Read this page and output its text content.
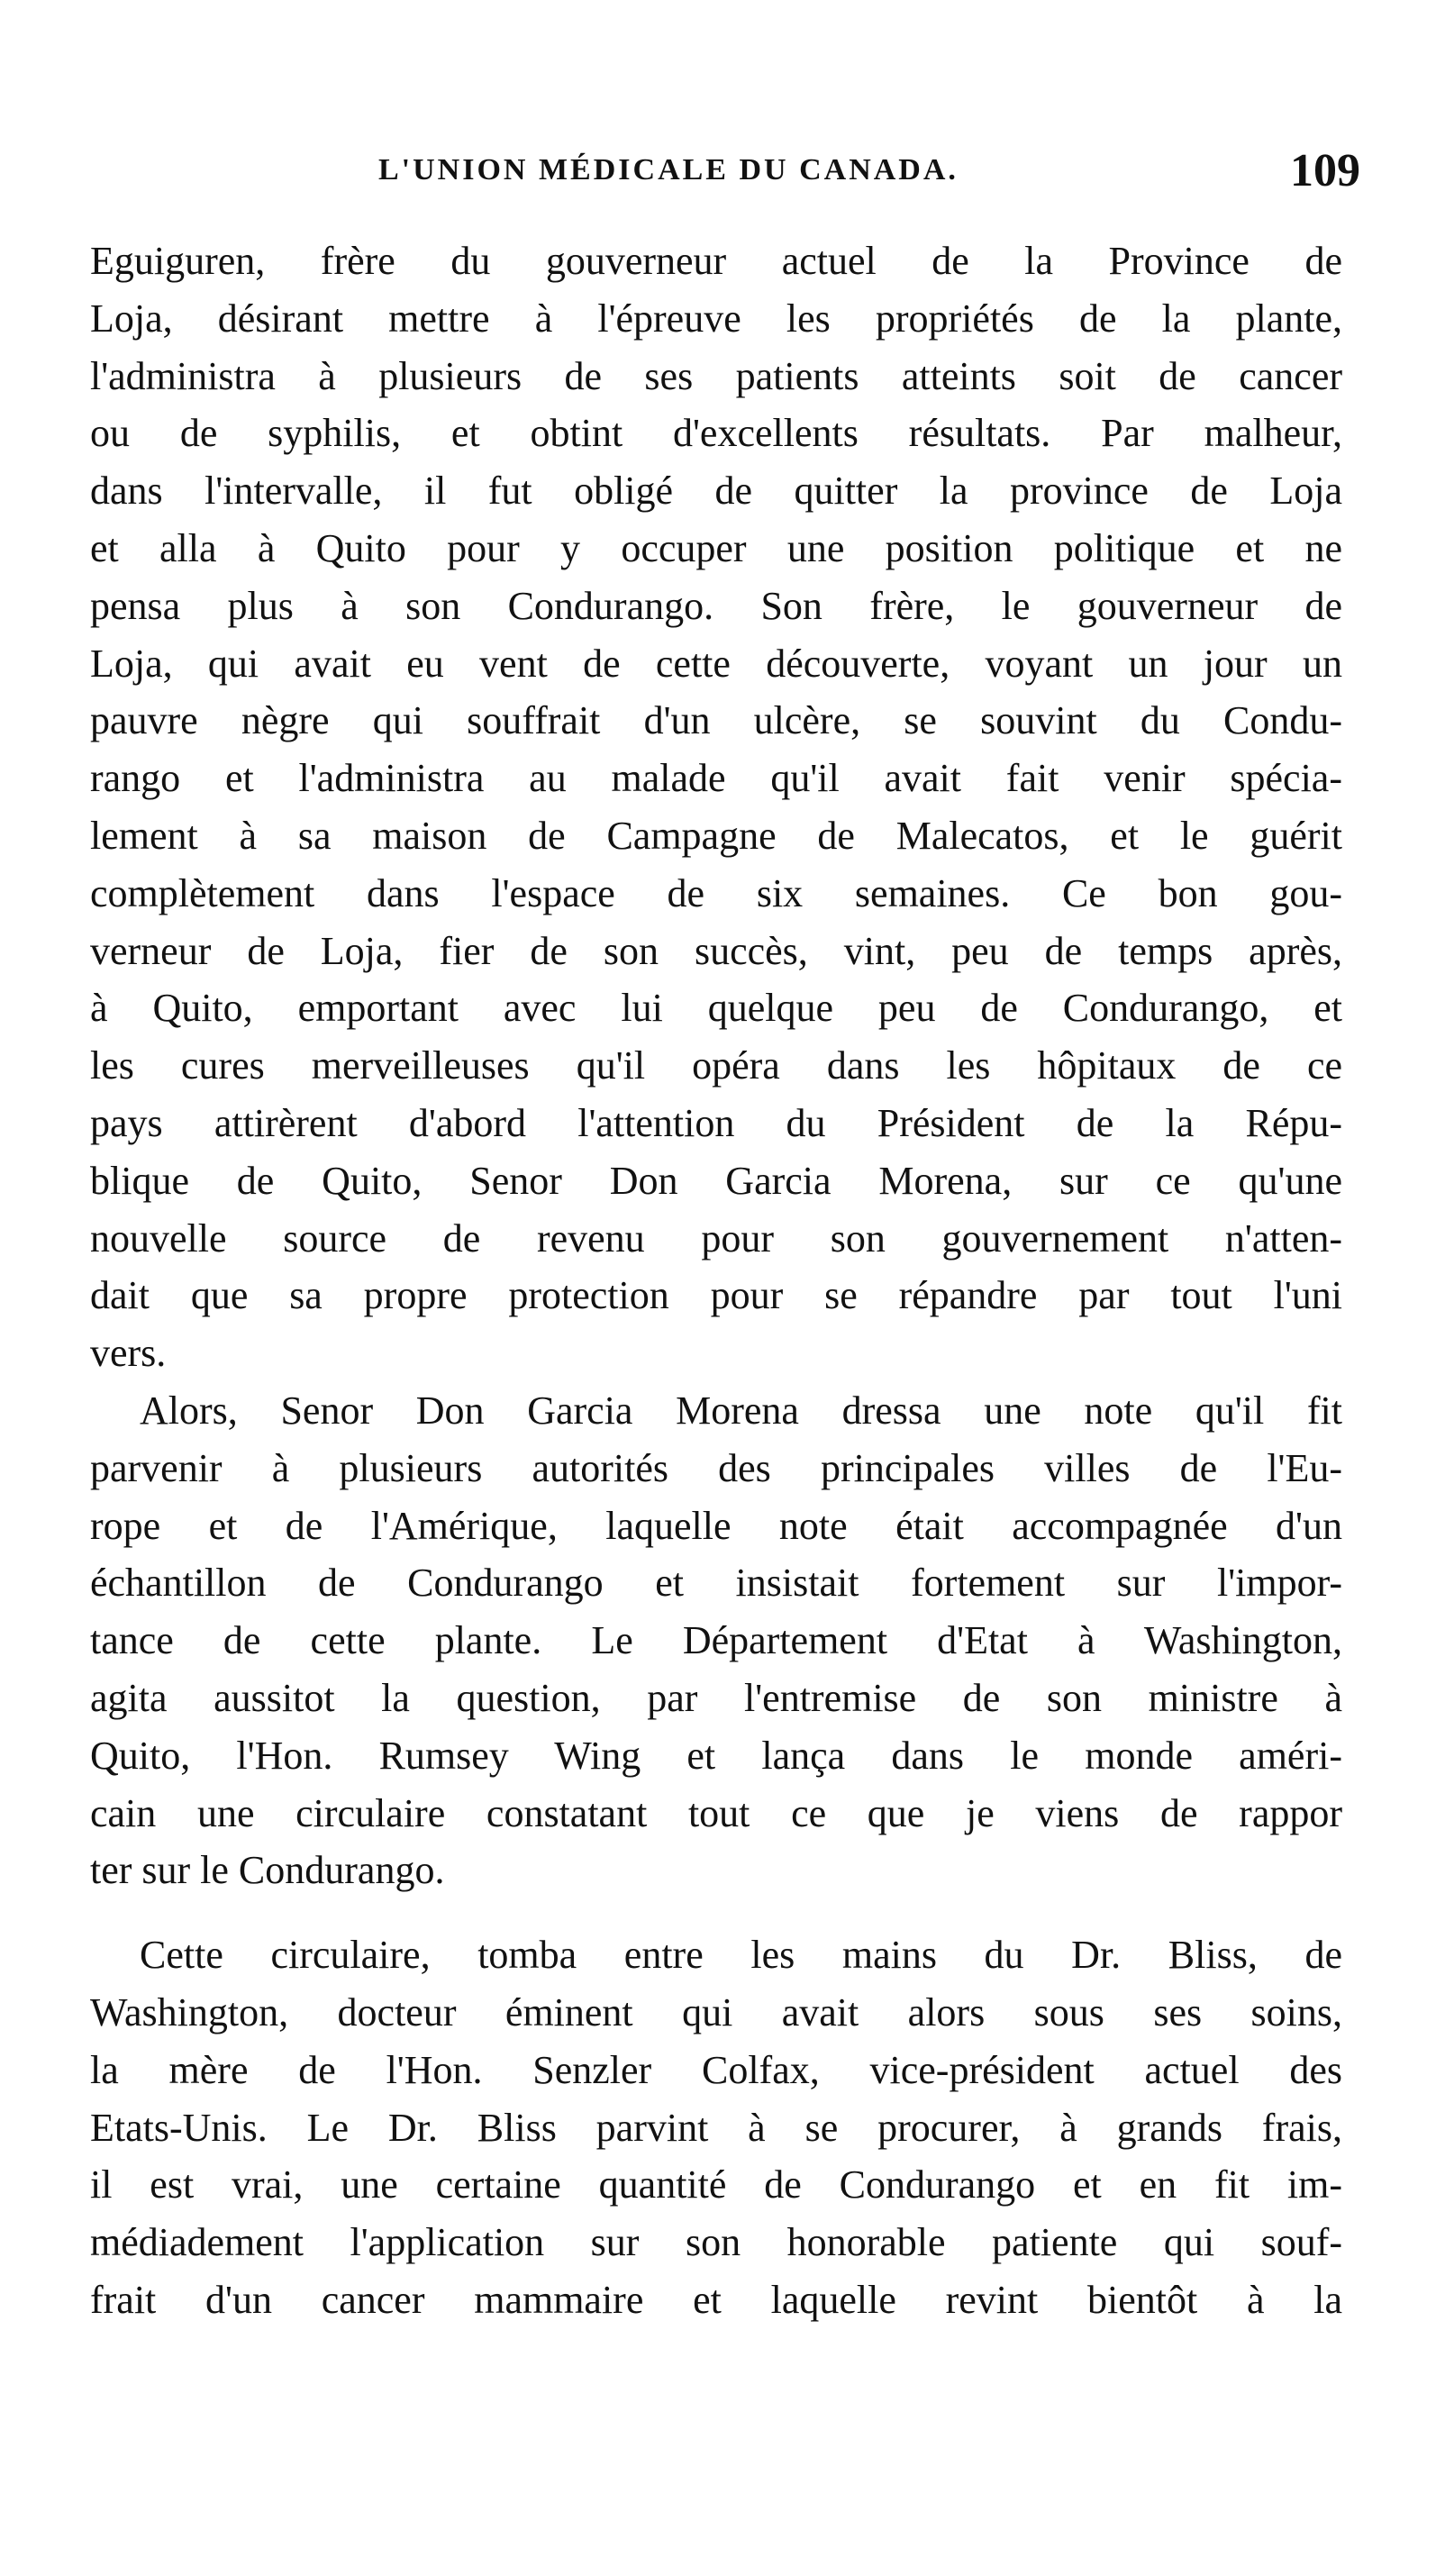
L'UNION MÉDICALE DU CANADA.	109
Eguiguren, frère du gouverneur actuel de la Province de
Loja, désirant mettre à l'épreuve les propriétés de la plante,
l'administra à plusieurs de ses patients atteints soit de cancer
ou de syphilis, et obtint d'excellents résultats. Par malheur,
dans l'intervalle, il fut obligé de quitter la province de Loja
et alla à Quito pour y occuper une position politique et ne
pensa plus à son Condurango. Son frère, le gouverneur de
Loja, qui avait eu vent de cette découverte, voyant un jour un
pauvre nègre qui souffrait d'un ulcère, se souvint du Condu-
rango et l'administra au malade qu'il avait fait venir spécia-
lement à sa maison de Campagne de Malecatos, et le guérit
complètement dans l'espace de six semaines. Ce bon gou-
verneur de Loja, fier de son succès, vint, peu de temps après,
à Quito, emportant avec lui quelque peu de Condurango, et
les cures merveilleuses qu'il opéra dans les hôpitaux de ce
pays attirèrent d'abord l'attention du Président de la Répu-
blique de Quito, Senor Don Garcia Morena, sur ce qu'une
nouvelle source de revenu pour son gouvernement n'atten-
dait que sa propre protection pour se répandre par tout l'uni
vers.
Alors, Senor Don Garcia Morena dressa une note qu'il fit
parvenir à plusieurs autorités des principales villes de l'Eu-
rope et de l'Amérique, laquelle note était accompagnée d'un
échantillon de Condurango et insistait fortement sur l'impor-
tance de cette plante. Le Département d'Etat à Washington,
agita aussitot la question, par l'entremise de son ministre à
Quito, l'Hon. Rumsey Wing et lança dans le monde améri-
cain une circulaire constatant tout ce que je viens de rappor
ter sur le Condurango.
Cette circulaire, tomba entre les mains du Dr. Bliss, de
Washington, docteur éminent qui avait alors sous ses soins,
la mère de l'Hon. Senzler Colfax, vice-président actuel des
Etats-Unis. Le Dr. Bliss parvint à se procurer, à grands frais,
il est vrai, une certaine quantité de Condurango et en fit im-
médiadement l'application sur son honorable patiente qui souf-
frait d'un cancer mammaire et laquelle revint bientôt à la
